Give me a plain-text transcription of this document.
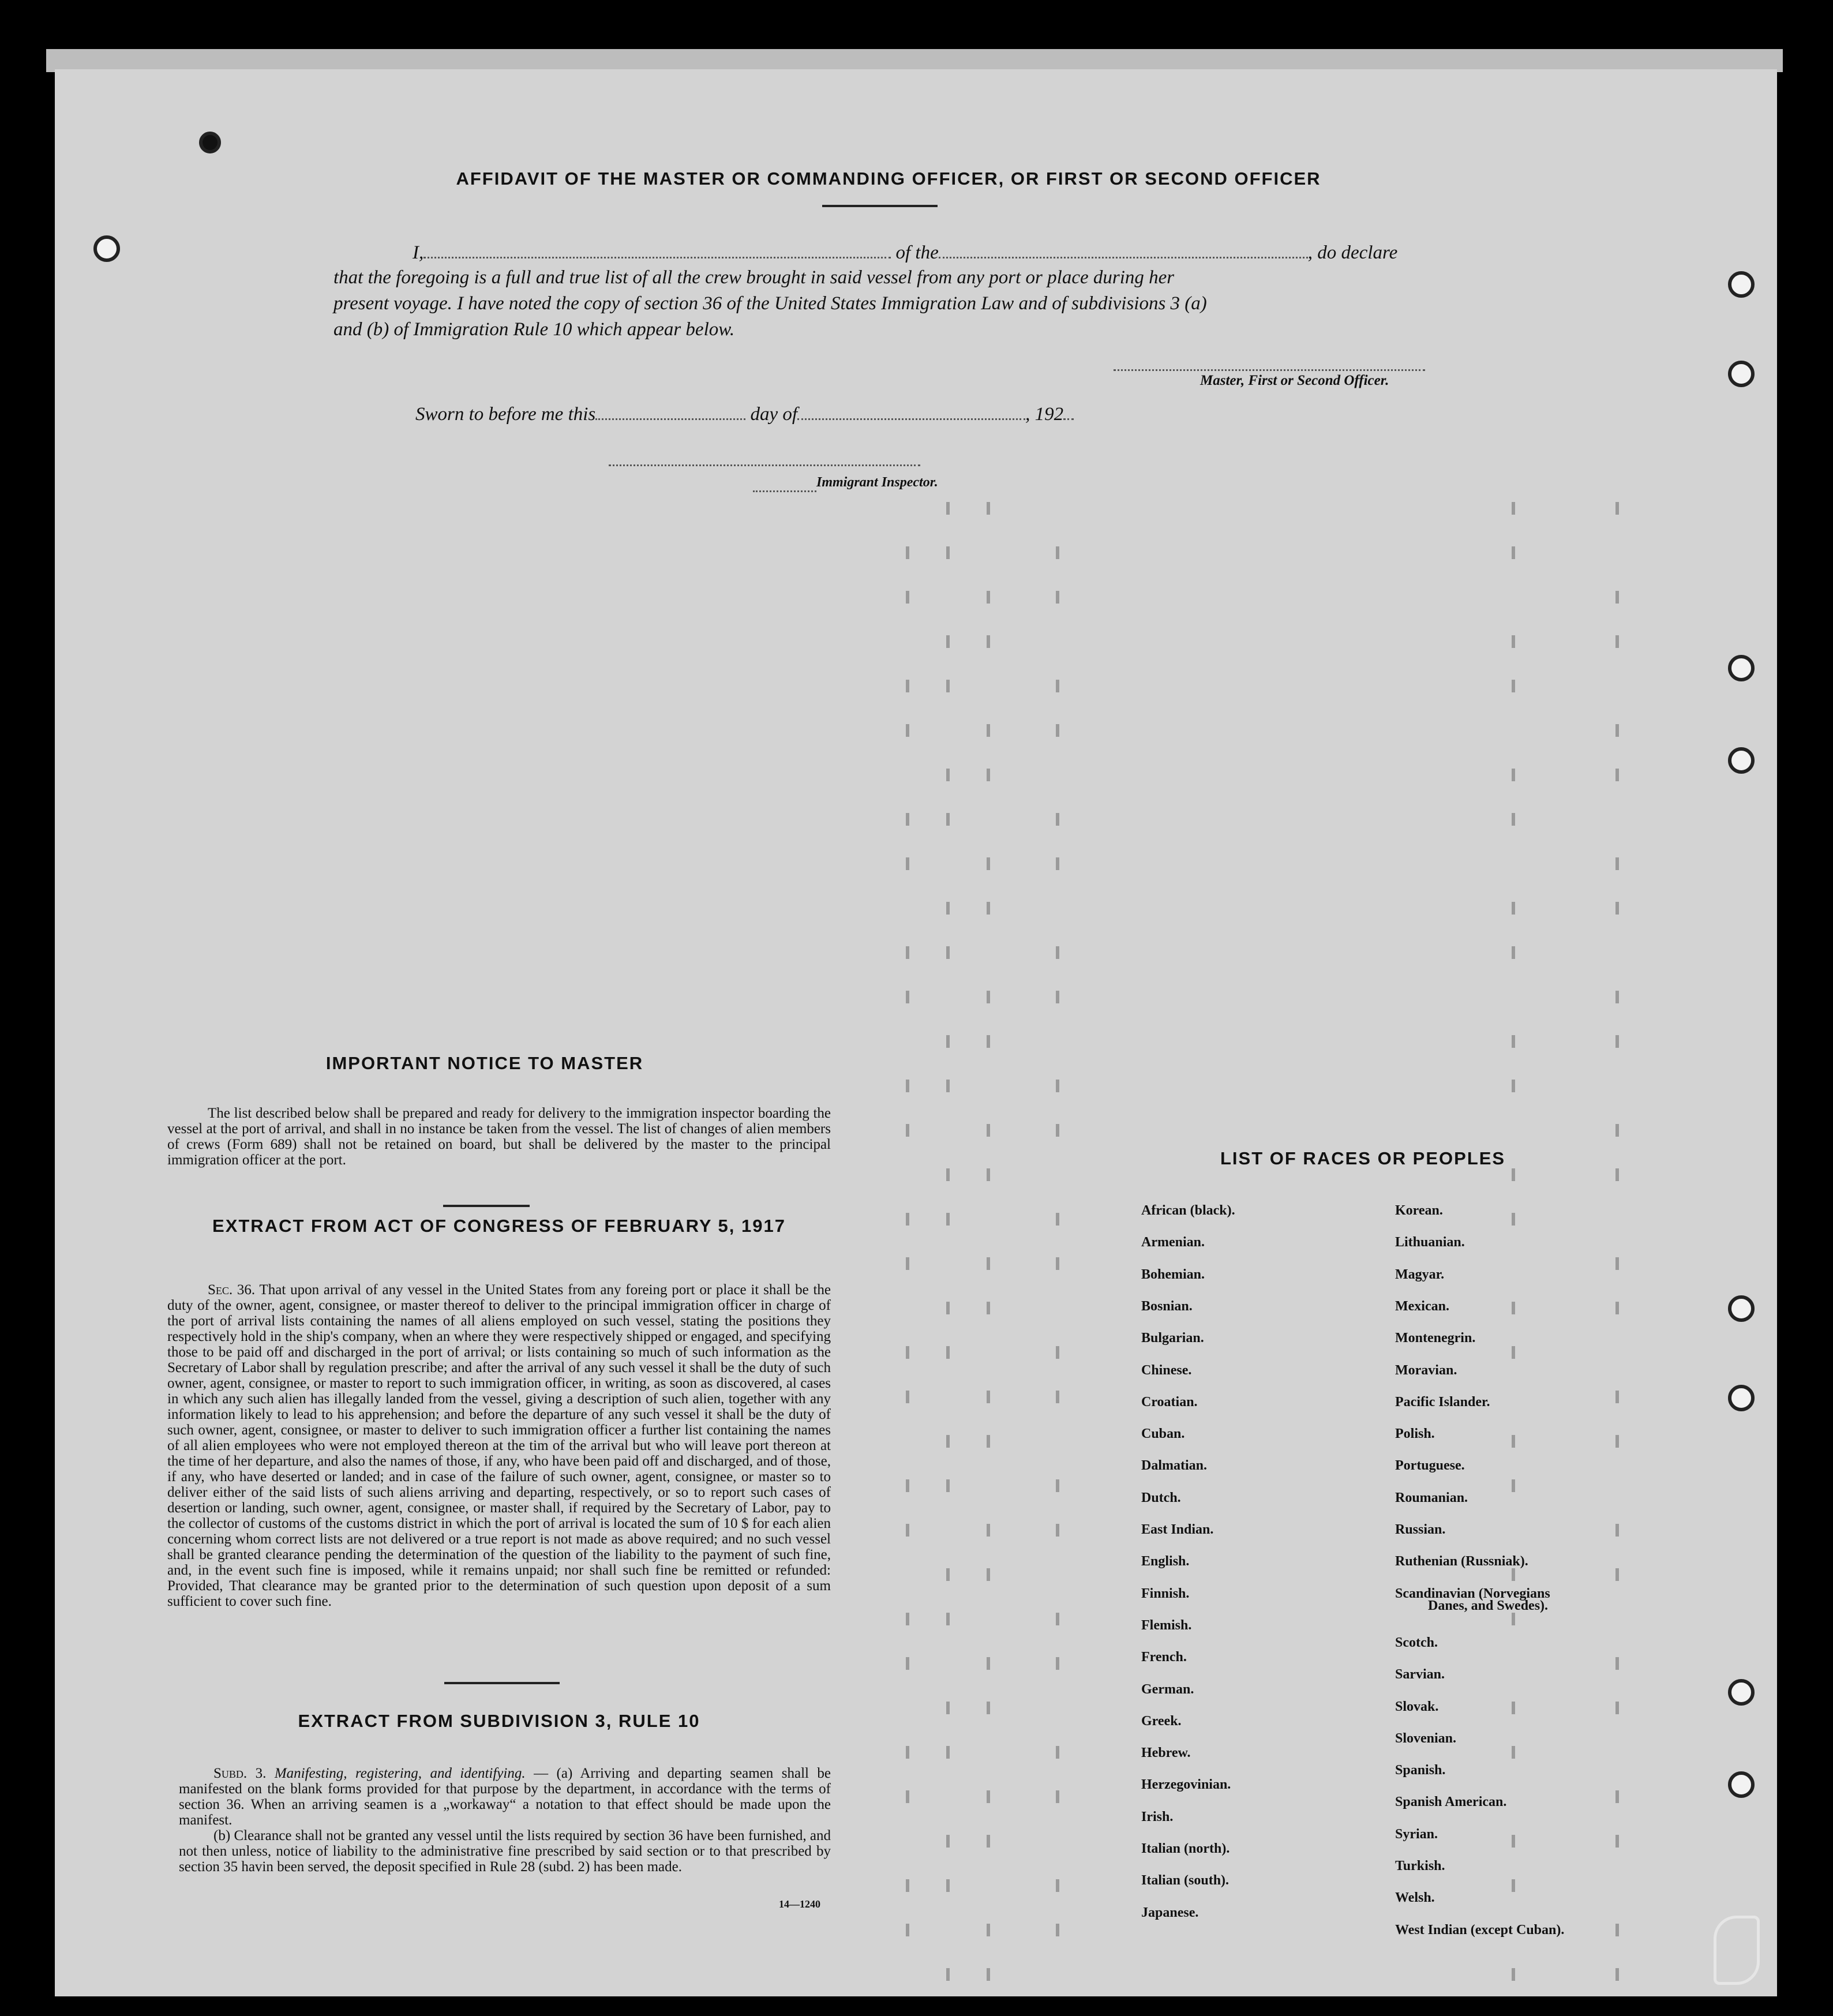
AFFIDAVIT OF THE MASTER OR COMMANDING OFFICER, OR FIRST OR SECOND OFFICER
I,	of the	, do declare
that the foregoing is a full and true list of all the crew brought in said vessel from any port or place during her
present voyage. I have noted the copy of section 36 of the United States Immigration Law and of subdivisions 3 (a)
and (b) of Immigration Rule 10 which appear below.
Master, First or Second Officer.
Sworn to before me this	day of	, 192
Immigrant Inspector.
IMPORTANT NOTICE TO MASTER
The list described below shall be prepared and ready for delivery to the immigration inspector boarding the vessel at the port of arrival, and shall in no instance be taken from the vessel. The list of changes of alien members of crews (Form 689) shall not be retained on board, but shall be delivered by the master to the principal immigration officer at the port.
EXTRACT FROM ACT OF CONGRESS OF FEBRUARY 5, 1917
Sec. 36. That upon arrival of any vessel in the United States from any foreing port or place it shall be the duty of the owner, agent, consignee, or master thereof to deliver to the principal immigration officer in charge of the port of arrival lists containing the names of all aliens employed on such vessel, stating the positions they respectively hold in the ship's company, when an where they were respectively shipped or engaged, and specifying those to be paid off and discharged in the port of arrival; or lists containing so much of such information as the Secretary of Labor shall by regulation prescribe; and after the arrival of any such vessel it shall be the duty of such owner, agent, consignee, or master to report to such immigration officer, in writing, as soon as discovered, al cases in which any such alien has illegally landed from the vessel, giving a description of such alien, together with any information likely to lead to his apprehension; and before the departure of any such vessel it shall be the duty of such owner, agent, consignee, or master to deliver to such immigration officer a further list containing the names of all alien employees who were not employed thereon at the tim of the arrival but who will leave port thereon at the time of her departure, and also the names of those, if any, who have been paid off and discharged, and of those, if any, who have deserted or landed; and in case of the failure of such owner, agent, consignee, or master so to deliver either of the said lists of such aliens arriving and departing, respectively, or so to report such cases of desertion or landing, such owner, agent, consignee, or master shall, if required by the Secretary of Labor, pay to the collector of customs of the customs district in which the port of arrival is located the sum of 10 $ for each alien concerning whom correct lists are not delivered or a true report is not made as above required; and no such vessel shall be granted clearance pending the determination of the question of the liability to the payment of such fine, and, in the event such fine is imposed, while it remains unpaid; nor shall such fine be remitted or refunded: Provided, That clearance may be granted prior to the determination of such question upon deposit of a sum sufficient to cover such fine.
EXTRACT FROM SUBDIVISION 3, RULE 10
Subd. 3. Manifesting, registering, and identifying. — (a) Arriving and departing seamen shall be manifested on the blank forms provided for that purpose by the department, in accordance with the terms of section 36. When an arriving seamen is a „workaway“ a notation to that effect should be made upon the manifest.
(b) Clearance shall not be granted any vessel until the lists required by section 36 have been furnished, and not then unless, notice of liability to the administrative fine prescribed by said section or to that prescribed by section 35 havin been served, the deposit specified in Rule 28 (subd. 2) has been made.
14—1240
LIST OF RACES OR PEOPLES
African (black).
Armenian.
Bohemian.
Bosnian.
Bulgarian.
Chinese.
Croatian.
Cuban.
Dalmatian.
Dutch.
East Indian.
English.
Finnish.
Flemish.
French.
German.
Greek.
Hebrew.
Herzegovinian.
Irish.
Italian (north).
Italian (south).
Japanese.
Korean.
Lithuanian.
Magyar.
Mexican.
Montenegrin.
Moravian.
Pacific Islander.
Polish.
Portuguese.
Roumanian.
Russian.
Ruthenian (Russniak).
Scandinavian (Norvegians
Scotch.
Sarvian.
Slovak.
Slovenian.
Spanish.
Spanish American.
Syrian.
Turkish.
Welsh.
West Indian (except Cuban).
Danes, and Swedes).
